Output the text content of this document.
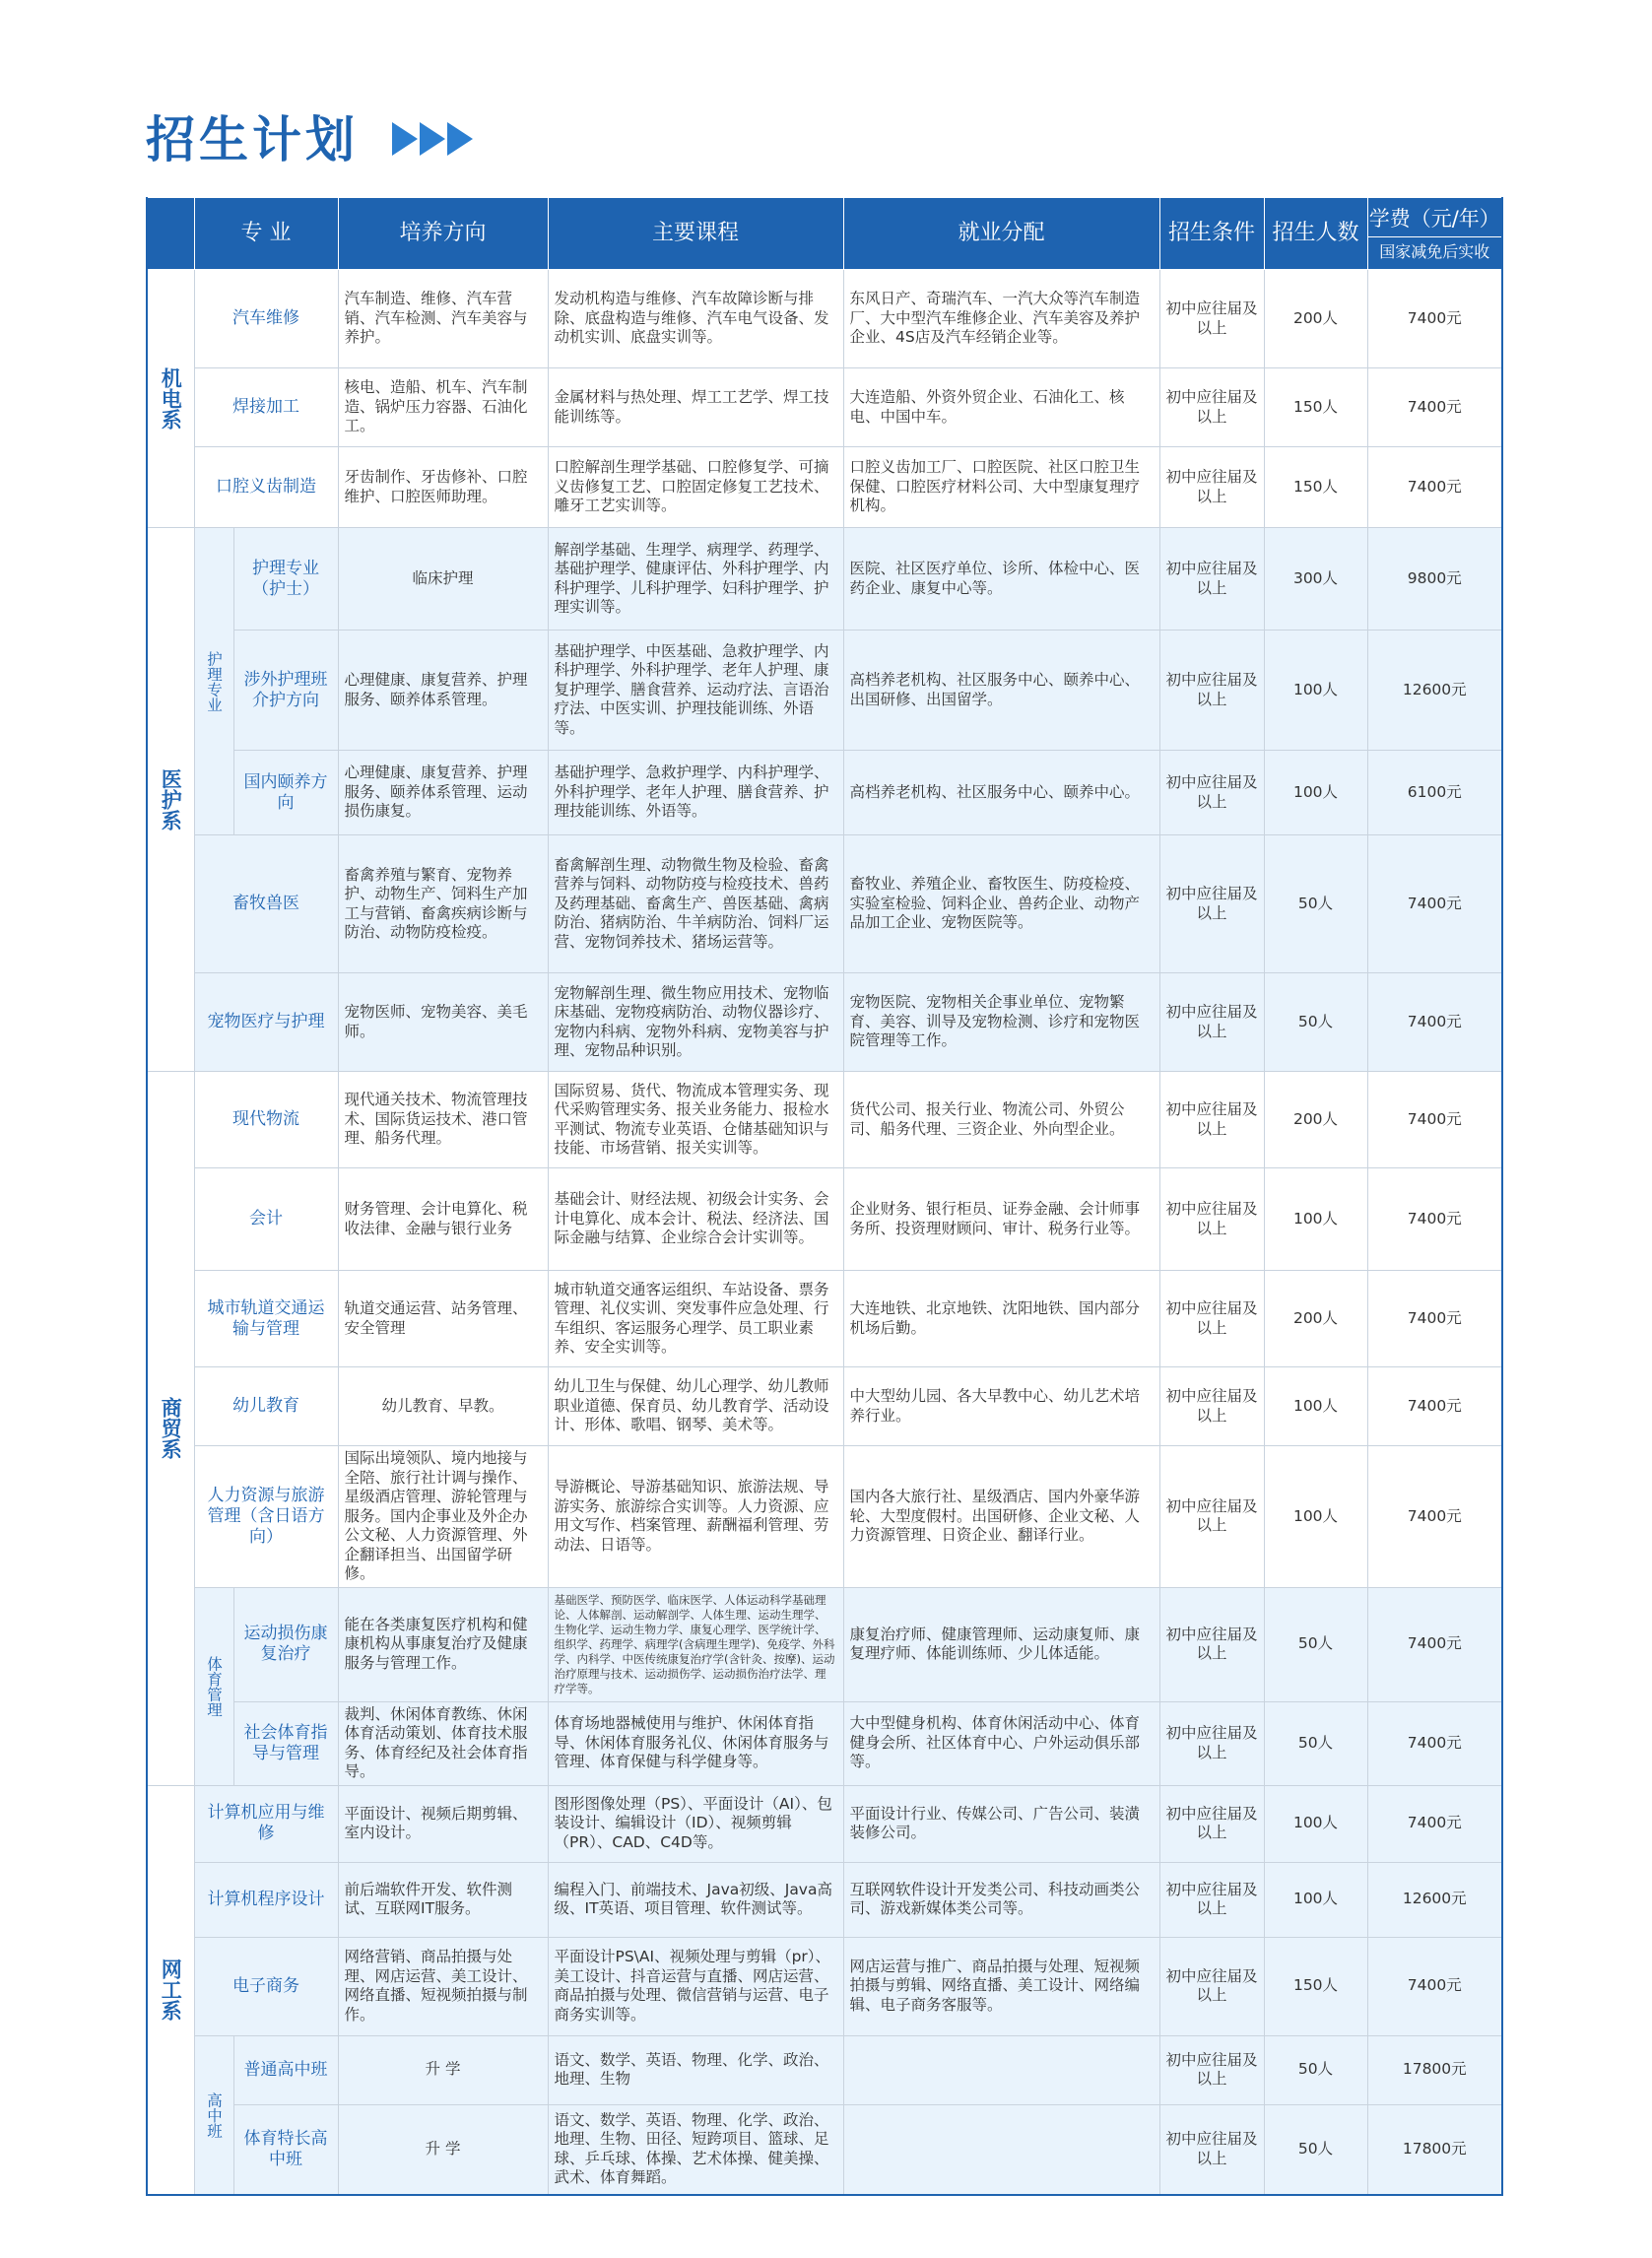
招生计划
	专 业		培养方向	主要课程	就业分配	招生条件	招生人数	学费（元/年）
国家减免后实收

机电系	汽车维修		汽车制造、维修、汽车营销、汽车检测、汽车美容与养护。	发动机构造与维修、汽车故障诊断与排除、底盘构造与维修、汽车电气设备、发动机实训、底盘实训等。	东风日产、奇瑞汽车、一汽大众等汽车制造厂、大中型汽车维修企业、汽车美容及养护企业、4S店及汽车经销企业等。	初中应往届及以上	200人	7400元
	焊接加工		核电、造船、机车、汽车制造、锅炉压力容器、石油化工。	金属材料与热处理、焊工工艺学、焊工技能训练等。	大连造船、外资外贸企业、石油化工、核电、中国中车。	初中应往届及以上	150人	7400元
	口腔义齿制造		牙齿制作、牙齿修补、口腔维护、口腔医师助理。	口腔解剖生理学基础、口腔修复学、可摘义齿修复工艺、口腔固定修复工艺技术、雕牙工艺实训等。	口腔义齿加工厂、口腔医院、社区口腔卫生保健、口腔医疗材料公司、大中型康复理疗机构。	初中应往届及以上	150人	7400元
医护系	护理专业	护理专业（护士）	临床护理	解剖学基础、生理学、病理学、药理学、基础护理学、健康评估、外科护理学、内科护理学、儿科护理学、妇科护理学、护理实训等。	医院、社区医疗单位、诊所、体检中心、医药企业、康复中心等。	初中应往届及以上	300人	9800元
		涉外护理班介护方向	心理健康、康复营养、护理服务、颐养体系管理。	基础护理学、中医基础、急救护理学、内科护理学、外科护理学、老年人护理、康复护理学、膳食营养、运动疗法、言语治疗法、中医实训、护理技能训练、外语等。	高档养老机构、社区服务中心、颐养中心、出国研修、出国留学。	初中应往届及以上	100人	12600元
		国内颐养方向	心理健康、康复营养、护理服务、颐养体系管理、运动损伤康复。	基础护理学、急救护理学、内科护理学、外科护理学、老年人护理、膳食营养、护理技能训练、外语等。	高档养老机构、社区服务中心、颐养中心。	初中应往届及以上	100人	6100元
	畜牧兽医		畜禽养殖与繁育、宠物养护、动物生产、饲料生产加工与营销、畜禽疾病诊断与防治、动物防疫检疫。	畜禽解剖生理、动物微生物及检验、畜禽营养与饲料、动物防疫与检疫技术、兽药及药理基础、畜禽生产、兽医基础、禽病防治、猪病防治、牛羊病防治、饲料厂运营、宠物饲养技术、猪场运营等。	畜牧业、养殖企业、畜牧医生、防疫检疫、实验室检验、饲料企业、兽药企业、动物产品加工企业、宠物医院等。	初中应往届及以上	50人	7400元
	宠物医疗与护理		宠物医师、宠物美容、美毛师。	宠物解剖生理、微生物应用技术、宠物临床基础、宠物疫病防治、动物仪器诊疗、宠物内科病、宠物外科病、宠物美容与护理、宠物品种识别。	宠物医院、宠物相关企事业单位、宠物繁育、美容、训导及宠物检测、诊疗和宠物医院管理等工作。	初中应往届及以上	50人	7400元
商贸系	现代物流		现代通关技术、物流管理技术、国际货运技术、港口管理、船务代理。	国际贸易、货代、物流成本管理实务、现代采购管理实务、报关业务能力、报检水平测试、物流专业英语、仓储基础知识与技能、市场营销、报关实训等。	货代公司、报关行业、物流公司、外贸公司、船务代理、三资企业、外向型企业。	初中应往届及以上	200人	7400元
	会计		财务管理、会计电算化、税收法律、金融与银行业务	基础会计、财经法规、初级会计实务、会计电算化、成本会计、税法、经济法、国际金融与结算、企业综合会计实训等。	企业财务、银行柜员、证券金融、会计师事务所、投资理财顾问、审计、税务行业等。	初中应往届及以上	100人	7400元
	城市轨道交通运输与管理		轨道交通运营、站务管理、安全管理	城市轨道交通客运组织、车站设备、票务管理、礼仪实训、突发事件应急处理、行车组织、客运服务心理学、员工职业素养、安全实训等。	大连地铁、北京地铁、沈阳地铁、国内部分机场后勤。	初中应往届及以上	200人	7400元
	幼儿教育		幼儿教育、早教。	幼儿卫生与保健、幼儿心理学、幼儿教师职业道德、保育员、幼儿教育学、活动设计、形体、歌唱、钢琴、美术等。	中大型幼儿园、各大早教中心、幼儿艺术培养行业。	初中应往届及以上	100人	7400元
	人力资源与旅游管理（含日语方向）		国际出境领队、境内地接与全陪、旅行社计调与操作、星级酒店管理、游轮管理与服务。国内企事业及外企办公文秘、人力资源管理、外企翻译担当、出国留学研修。	导游概论、导游基础知识、旅游法规、导游实务、旅游综合实训等。人力资源、应用文写作、档案管理、薪酬福利管理、劳动法、日语等。	国内各大旅行社、星级酒店、国内外豪华游轮、大型度假村。出国研修、企业文秘、人力资源管理、日资企业、翻译行业。	初中应往届及以上	100人	7400元
	体育管理	运动损伤康复治疗	能在各类康复医疗机构和健康机构从事康复治疗及健康服务与管理工作。	基础医学、预防医学、临床医学、人体运动科学基础理论、人体解剖、运动解剖学、人体生理、运动生理学、生物化学、运动生物力学、康复心理学、医学统计学、组织学、药理学、病理学(含病理生理学)、免疫学、外科学、内科学、中医传统康复治疗学(含针灸、按摩)、运动治疗原理与技术、运动损伤学、运动损伤治疗法学、理疗学等。	康复治疗师、健康管理师、运动康复师、康复理疗师、体能训练师、少儿体适能。	初中应往届及以上	50人	7400元
		社会体育指导与管理	裁判、休闲体育教练、休闲体育活动策划、体育技术服务、体育经纪及社会体育指导。	体育场地器械使用与维护、休闲体育指导、休闲体育服务礼仪、休闲体育服务与管理、体育保健与科学健身等。	大中型健身机构、体育休闲活动中心、体育健身会所、社区体育中心、户外运动俱乐部等。	初中应往届及以上	50人	7400元
网工系	计算机应用与维修		平面设计、视频后期剪辑、室内设计。	图形图像处理（PS）、平面设计（AI）、包装设计、编辑设计（ID）、视频剪辑（PR）、CAD、C4D等。	平面设计行业、传媒公司、广告公司、装潢装修公司。	初中应往届及以上	100人	7400元
	计算机程序设计		前后端软件开发、软件测试、互联网IT服务。	编程入门、前端技术、Java初级、Java高级、IT英语、项目管理、软件测试等。	互联网软件设计开发类公司、科技动画类公司、游戏新媒体类公司等。	初中应往届及以上	100人	12600元
	电子商务		网络营销、商品拍摄与处理、网店运营、美工设计、网络直播、短视频拍摄与制作。	平面设计PS\AI、视频处理与剪辑（pr）、美工设计、抖音运营与直播、网店运营、商品拍摄与处理、微信营销与运营、电子商务实训等。	网店运营与推广、商品拍摄与处理、短视频拍摄与剪辑、网络直播、美工设计、网络编辑、电子商务客服等。	初中应往届及以上	150人	7400元
	高中班	普通高中班	升 学	语文、数学、英语、物理、化学、政治、地理、生物		初中应往届及以上	50人	17800元
		体育特长高中班	升 学	语文、数学、英语、物理、化学、政治、地理、生物、田径、短跨项目、篮球、足球、乒乓球、体操、艺术体操、健美操、武术、体育舞蹈。		初中应往届及以上	50人	17800元
